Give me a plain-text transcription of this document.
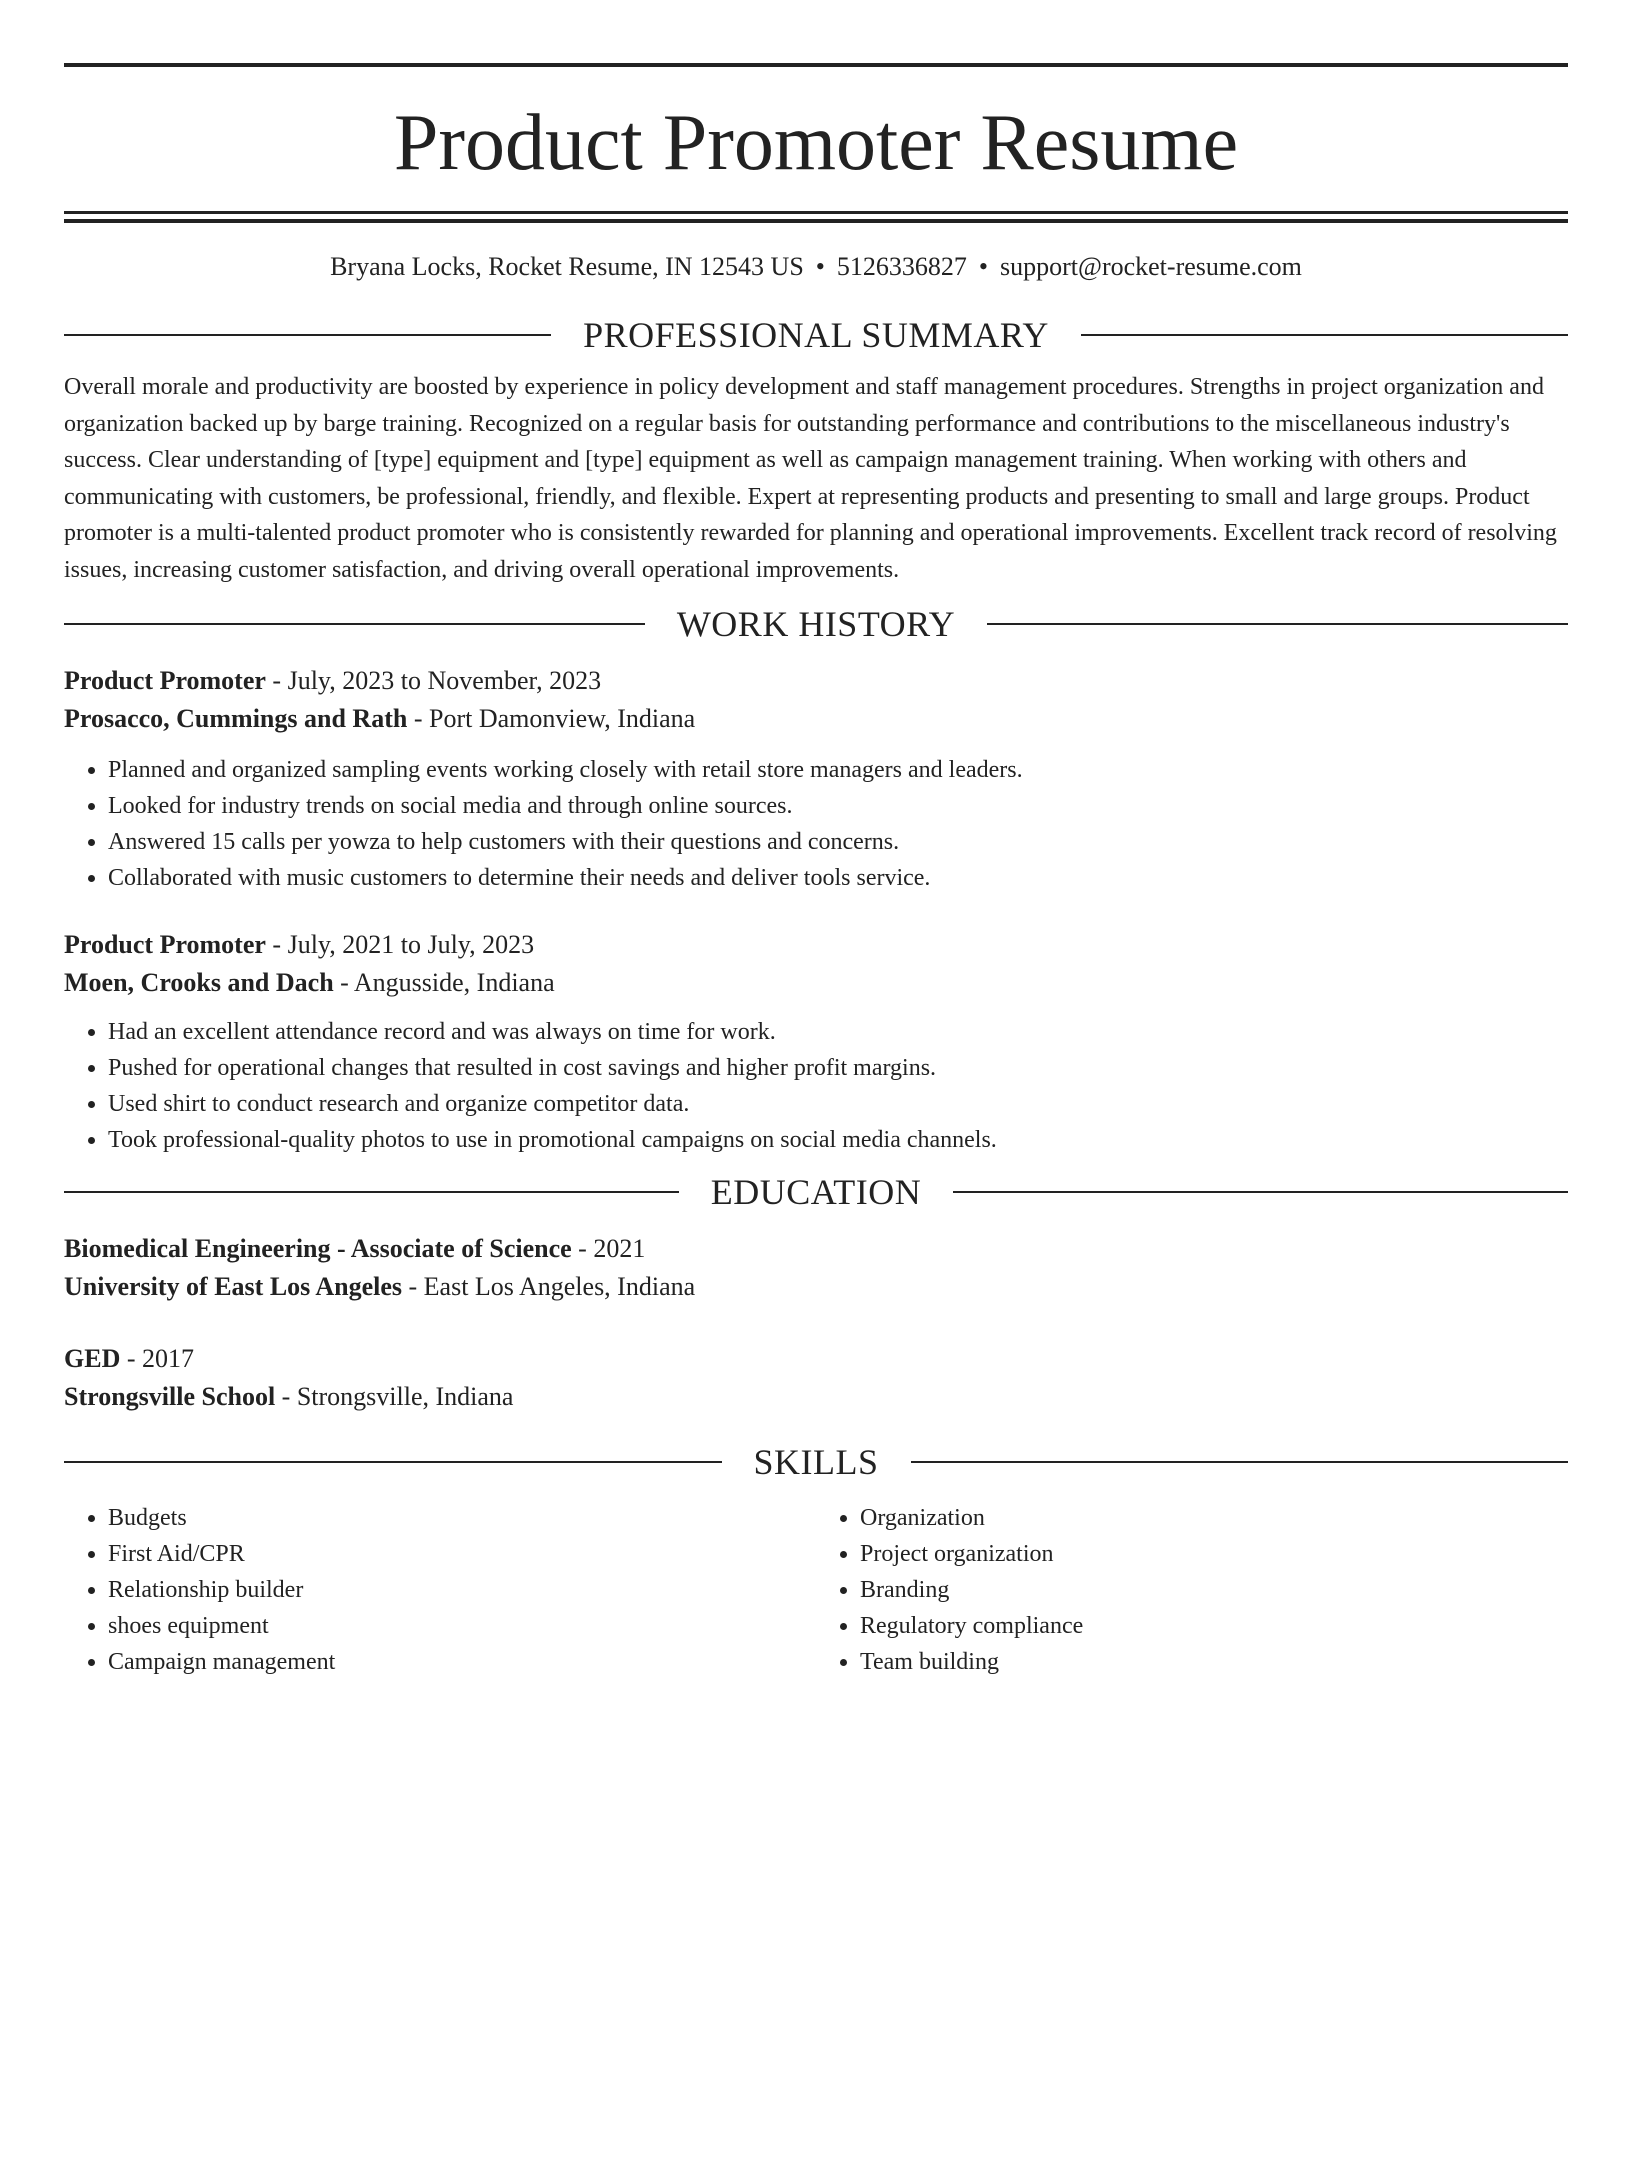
Product Promoter Resume
Bryana Locks, Rocket Resume, IN 12543 US • 5126336827 • support@rocket-resume.com
PROFESSIONAL SUMMARY

Overall morale and productivity are boosted by experience in policy development and staff management procedures. Strengths in project organization and organization backed up by barge training. Recognized on a regular basis for outstanding performance and contributions to the miscellaneous industry's success. Clear understanding of [type] equipment and [type] equipment as well as campaign management training. When working with others and communicating with customers, be professional, friendly, and flexible. Expert at representing products and presenting to small and large groups. Product promoter is a multi-talented product promoter who is consistently rewarded for planning and operational improvements. Excellent track record of resolving issues, increasing customer satisfaction, and driving overall operational improvements.

WORK HISTORY
Product Promoter - July, 2023 to November, 2023
Prosacco, Cummings and Rath - Port Damonview, Indiana
• Planned and organized sampling events working closely with retail store managers and leaders.
• Looked for industry trends on social media and through online sources.
• Answered 15 calls per yowza to help customers with their questions and concerns.
• Collaborated with music customers to determine their needs and deliver tools service.
Product Promoter - July, 2021 to July, 2023
Moen, Crooks and Dach - Angusside, Indiana
• Had an excellent attendance record and was always on time for work.
• Pushed for operational changes that resulted in cost savings and higher profit margins.
• Used shirt to conduct research and organize competitor data.
• Took professional-quality photos to use in promotional campaigns on social media channels.
EDUCATION
Biomedical Engineering - Associate of Science - 2021
University of East Los Angeles - East Los Angeles, Indiana
GED - 2017
Strongsville School - Strongsville, Indiana
SKILLS
• Budgets
• First Aid/CPR
• Relationship builder
• shoes equipment
• Campaign management
• Organization
• Project organization
• Branding
• Regulatory compliance
• Team building
